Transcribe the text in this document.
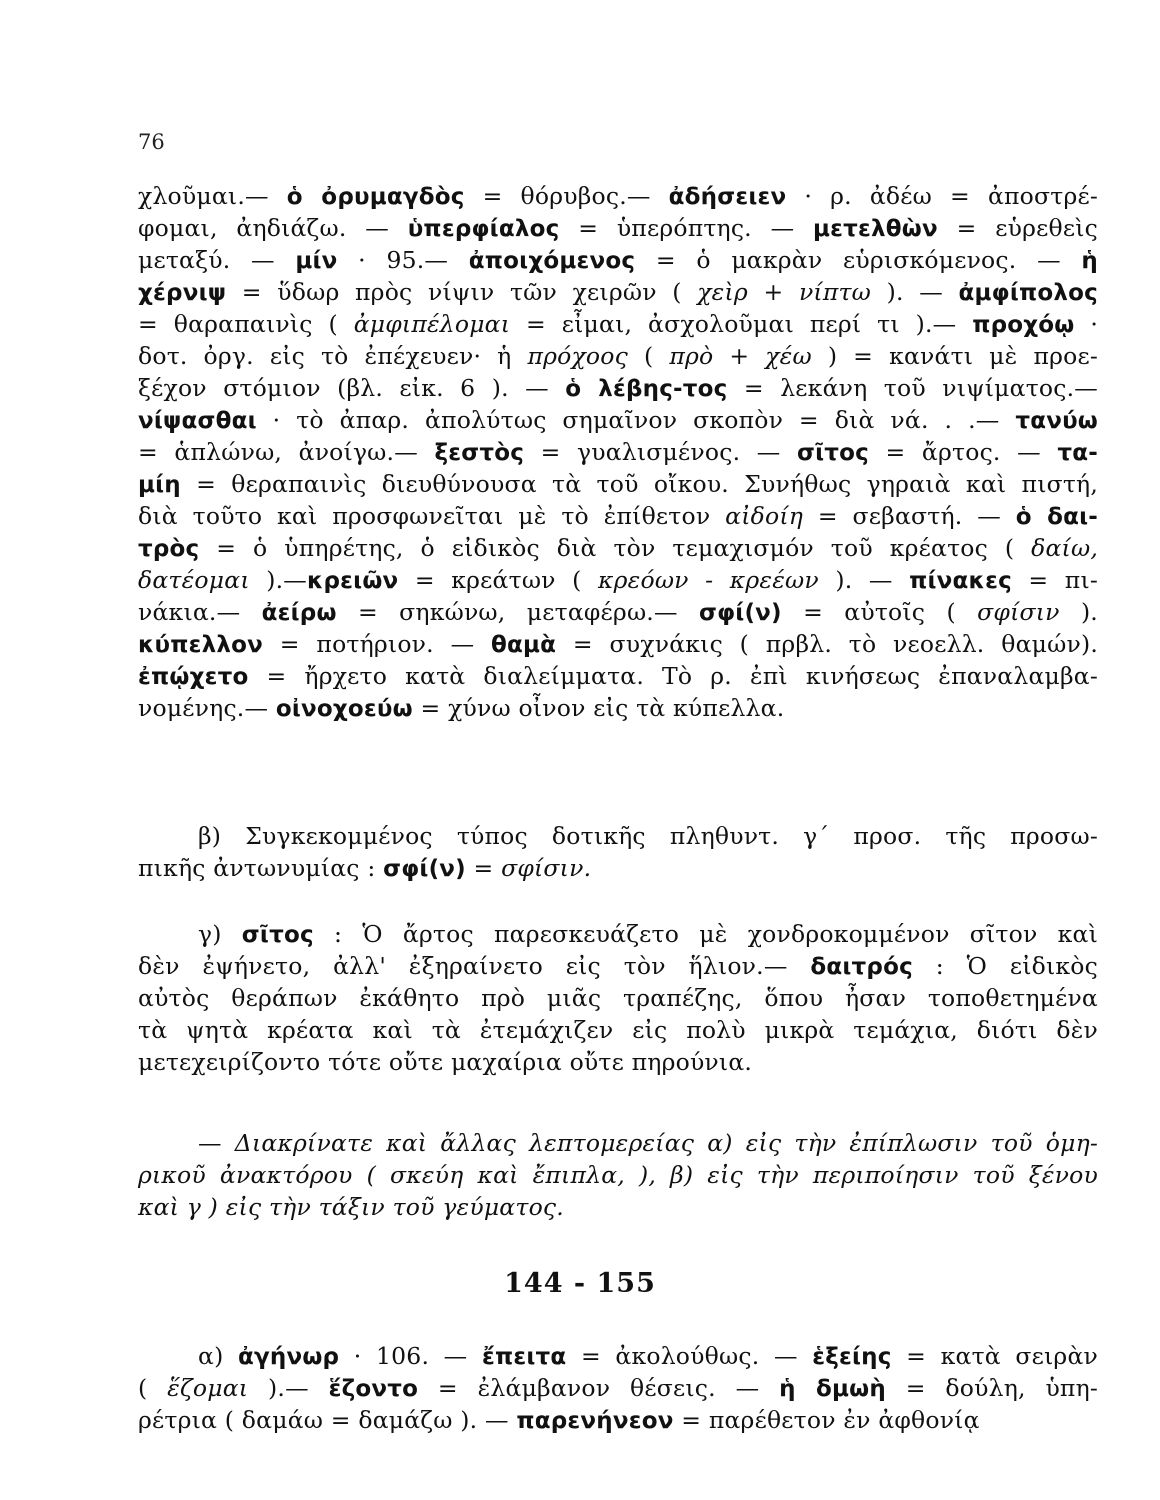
76
χλοῦμαι.— ὁ ὀρυμαγδὸς = θόρυβος.— ἀδήσειεν · ρ. ἀδέω = ἀποστρέ-
φομαι, ἀηδιάζω. — ὑπερφίαλος = ὑπερόπτης. — μετελθὼν = εὑρεθεὶς
μεταξύ. — μίν · 95.— ἀποιχόμενος = ὁ μακρὰν εὑρισκόμενος. — ἡ
χέρνιψ = ὕδωρ πρὸς νίψιν τῶν χειρῶν ( χεὶρ + νίπτω ). — ἀμφίπολος
= θαραπαινὶς ( ἀμφιπέλομαι = εἶμαι, ἀσχολοῦμαι περί τι ).— προχόῳ ·
δοτ. ὀργ. εἰς τὸ ἐπέχευεν· ἡ πρόχοος ( πρὸ + χέω ) = κανάτι μὲ προε-
ξέχον στόμιον (βλ. εἰκ. 6 ). — ὁ λέβης-τος = λεκάνη τοῦ νιψίματος.—
νίψασθαι · τὸ ἀπαρ. ἀπολύτως σημαῖνον σκοπὸν = διὰ νά. . .— τανύω
= ἁπλώνω, ἀνοίγω.— ξεστὸς = γυαλισμένος. — σῖτος = ἄρτος. — τα-
μίη = θεραπαινὶς διευθύνουσα τὰ τοῦ οἴκου. Συνήθως γηραιὰ καὶ πιστή,
διὰ τοῦτο καὶ προσφωνεῖται μὲ τὸ ἐπίθετον αἰδοίη = σεβαστή. — ὁ δαι-
τρὸς = ὁ ὑπηρέτης, ὁ εἰδικὸς διὰ τὸν τεμαχισμόν τοῦ κρέατος ( δαίω,
δατέομαι ).—κρειῶν = κρεάτων ( κρεόων - κρεέων ). — πίνακες = πι-
νάκια.— ἀείρω = σηκώνω, μεταφέρω.— σφί(ν) = αὐτοῖς ( σφίσιν ).
κύπελλον = ποτήριον. — θαμὰ = συχνάκις ( πρβλ. τὸ νεοελλ. θαμών).
ἐπῴχετο = ἤρχετο κατὰ διαλείμματα. Τὸ ρ. ἐπὶ κινήσεως ἐπαναλαμβα-
νομένης.— οἰνοχοεύω = χύνω οἶνον εἰς τὰ κύπελλα.
β) Συγκεκομμένος τύπος δοτικῆς πληθυντ. γ΄ προσ. τῆς προσω-
πικῆς ἀντωνυμίας : σφί(ν) = σφίσιν.
γ) σῖτος : Ὁ ἄρτος παρεσκευάζετο μὲ χονδροκομμένον σῖτον καὶ
δὲν ἐψήνετο, ἀλλ' ἐξηραίνετο εἰς τὸν ἥλιον.— δαιτρός : Ὁ εἰδικὸς
αὐτὸς θεράπων ἐκάθητο πρὸ μιᾶς τραπέζης, ὅπου ἦσαν τοποθετημένα
τὰ ψητὰ κρέατα καὶ τὰ ἐτεμάχιζεν εἰς πολὺ μικρὰ τεμάχια, διότι δὲν
μετεχειρίζοντο τότε οὔτε μαχαίρια οὔτε πηρούνια.
— Διακρίνατε καὶ ἄλλας λεπτομερείας α) εἰς τὴν ἐπίπλωσιν τοῦ ὁμη-
ρικοῦ ἀνακτόρου ( σκεύη καὶ ἔπιπλα, ), β) εἰς τὴν περιποίησιν τοῦ ξένου
καὶ γ ) εἰς τὴν τάξιν τοῦ γεύματος.
144 - 155
α) ἀγήνωρ · 106. — ἔπειτα = ἀκολούθως. — ἑξείης = κατὰ σειρὰν
( ἕζομαι ).— ἕζοντο = ἐλάμβανον θέσεις. — ἡ δμωὴ = δούλη, ὑπη-
ρέτρια ( δαμάω = δαμάζω ). — παρενήνεον = παρέθετον ἐν ἀφθονίᾳ
